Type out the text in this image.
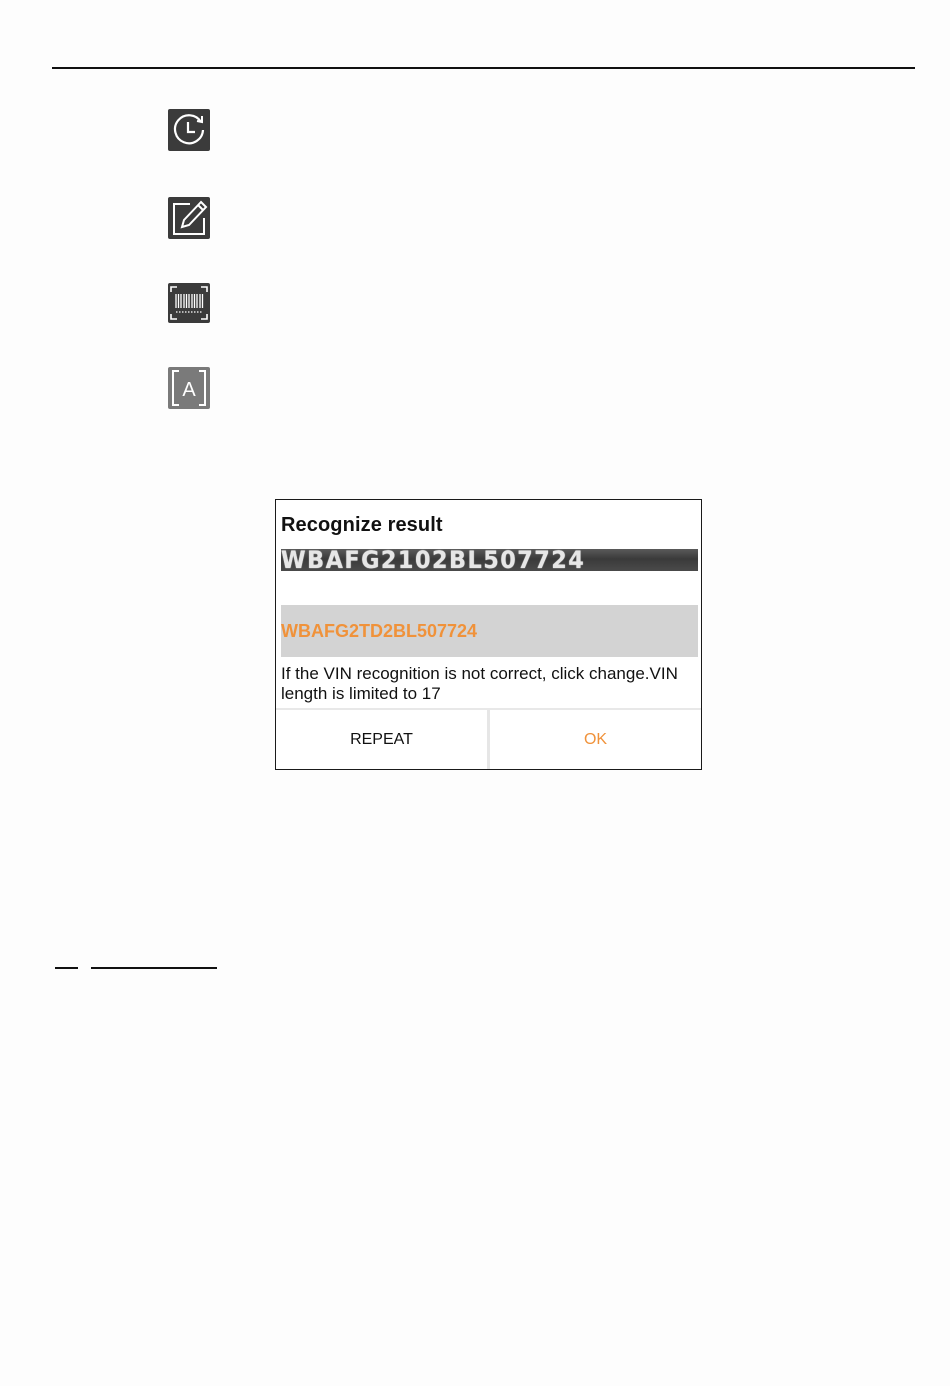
A
Recognize result
WBAFG2102BL507724
WBAFG2TD2BL507724
If the VIN recognition is not correct, click change.VIN length is limited to 17
REPEAT	OK
